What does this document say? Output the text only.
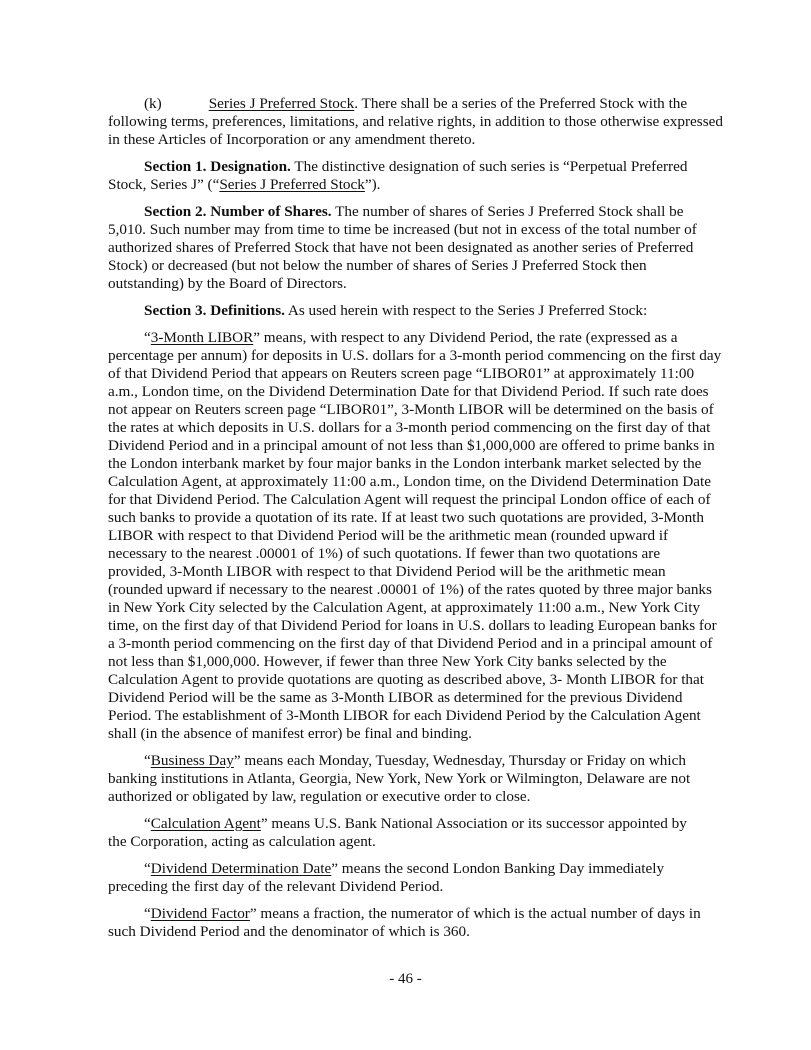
(k)	Series J Preferred Stock. There shall be a series of the Preferred Stock with the
following terms, preferences, limitations, and relative rights, in addition to those otherwise expressed
in these Articles of Incorporation or any amendment thereto.
Section 1. Designation. The distinctive designation of such series is “Perpetual Preferred
Stock, Series J” (“Series J Preferred Stock”).
Section 2. Number of Shares. The number of shares of Series J Preferred Stock shall be
5,010. Such number may from time to time be increased (but not in excess of the total number of
authorized shares of Preferred Stock that have not been designated as another series of Preferred
Stock) or decreased (but not below the number of shares of Series J Preferred Stock then
outstanding) by the Board of Directors.
Section 3. Definitions. As used herein with respect to the Series J Preferred Stock:
“3-Month LIBOR” means, with respect to any Dividend Period, the rate (expressed as a
percentage per annum) for deposits in U.S. dollars for a 3-month period commencing on the first day
of that Dividend Period that appears on Reuters screen page “LIBOR01” at approximately 11:00
a.m., London time, on the Dividend Determination Date for that Dividend Period. If such rate does
not appear on Reuters screen page “LIBOR01”, 3-Month LIBOR will be determined on the basis of
the rates at which deposits in U.S. dollars for a 3-month period commencing on the first day of that
Dividend Period and in a principal amount of not less than $1,000,000 are offered to prime banks in
the London interbank market by four major banks in the London interbank market selected by the
Calculation Agent, at approximately 11:00 a.m., London time, on the Dividend Determination Date
for that Dividend Period. The Calculation Agent will request the principal London office of each of
such banks to provide a quotation of its rate. If at least two such quotations are provided, 3-Month
LIBOR with respect to that Dividend Period will be the arithmetic mean (rounded upward if
necessary to the nearest .00001 of 1%) of such quotations. If fewer than two quotations are
provided, 3-Month LIBOR with respect to that Dividend Period will be the arithmetic mean
(rounded upward if necessary to the nearest .00001 of 1%) of the rates quoted by three major banks
in New York City selected by the Calculation Agent, at approximately 11:00 a.m., New York City
time, on the first day of that Dividend Period for loans in U.S. dollars to leading European banks for
a 3-month period commencing on the first day of that Dividend Period and in a principal amount of
not less than $1,000,000. However, if fewer than three New York City banks selected by the
Calculation Agent to provide quotations are quoting as described above, 3- Month LIBOR for that
Dividend Period will be the same as 3-Month LIBOR as determined for the previous Dividend
Period. The establishment of 3-Month LIBOR for each Dividend Period by the Calculation Agent
shall (in the absence of manifest error) be final and binding.
“Business Day” means each Monday, Tuesday, Wednesday, Thursday or Friday on which
banking institutions in Atlanta, Georgia, New York, New York or Wilmington, Delaware are not
authorized or obligated by law, regulation or executive order to close.
“Calculation Agent” means U.S. Bank National Association or its successor appointed by
the Corporation, acting as calculation agent.
“Dividend Determination Date” means the second London Banking Day immediately
preceding the first day of the relevant Dividend Period.
“Dividend Factor” means a fraction, the numerator of which is the actual number of days in
such Dividend Period and the denominator of which is 360.
- 46 -
